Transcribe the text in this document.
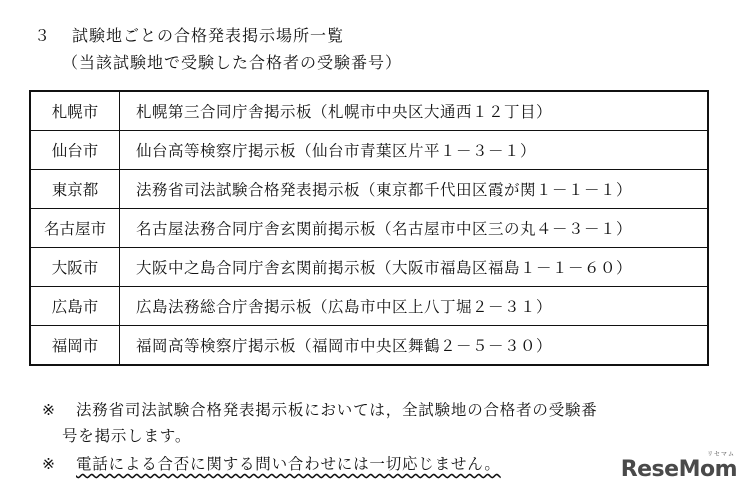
３ 試験地ごとの合格発表掲示場所一覧
（当該試験地で受験した合格者の受験番号）
札幌市	札幌第三合同庁舎掲示板（札幌市中央区大通西１２丁目）
仙台市	仙台高等検察庁掲示板（仙台市青葉区片平１－３－１）
東京都	法務省司法試験合格発表掲示板（東京都千代田区霞が関１－１－１）
名古屋市	名古屋法務合同庁舎玄関前掲示板（名古屋市中区三の丸４－３－１）
大阪市	大阪中之島合同庁舎玄関前掲示板（大阪市福島区福島１－１－６０）
広島市	広島法務総合庁舎掲示板（広島市中区上八丁堀２－３１）
福岡市	福岡高等検察庁掲示板（福岡市中央区舞鶴２－５－３０）
※ 法務省司法試験合格発表掲示板においては，全試験地の合格者の受験番
号を掲示します。
※ 電話による合否に関する問い合わせには一切応じません。
リセマム
ReseMom
